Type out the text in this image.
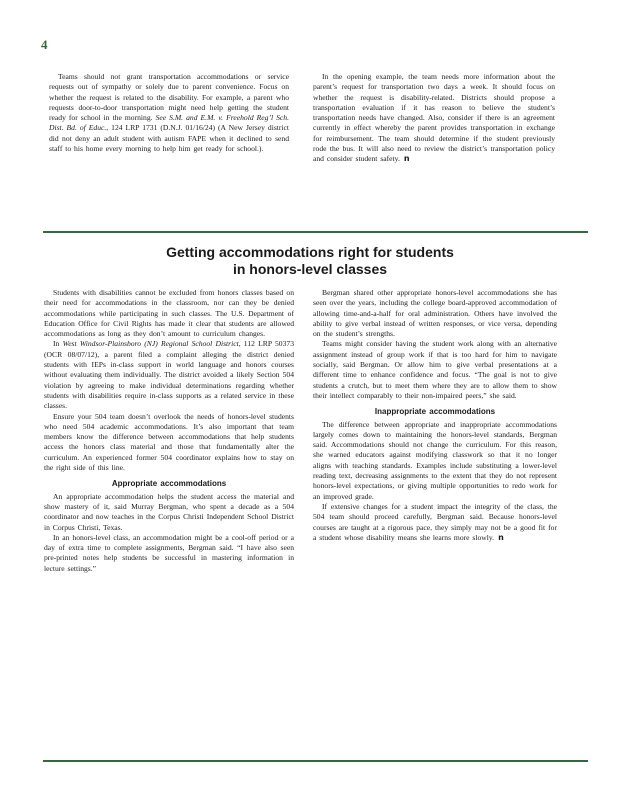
4

Teams should not grant transportation accommodations or service requests out of sympathy or solely due to parent convenience. Focus on whether the request is related to the disability. For example, a parent who requests door-to-door transportation might need help getting the student ready for school in the morning. See S.M. and E.M. v. Freehold Reg’l Sch. Dist. Bd. of Educ., 124 LRP 1731 (D.N.J. 01/16/24) (A New Jersey district did not deny an adult student with autism FAPE when it declined to send staff to his home every morning to help him get ready for school.).

In the opening example, the team needs more information about the parent’s request for transportation two days a week. It should focus on whether the request is disability-related. Districts should propose a transportation evaluation if it has reason to believe the student’s transportation needs have changed. Also, consider if there is an agreement currently in effect whereby the parent provides transportation in exchange for reimbursement. The team should determine if the student previously rode the bus. It will also need to review the district’s transportation policy and consider student safety. n

Getting accommodations right for students
in honors-level classes

Students with disabilities cannot be excluded from honors classes based on their need for accommodations in the classroom, nor can they be denied accommodations while participating in such classes. The U.S. Department of Education Office for Civil Rights has made it clear that students are allowed accommodations as long as they don’t amount to curriculum changes.

In West Windsor-Plainsboro (NJ) Regional School District, 112 LRP 50373 (OCR 08/07/12), a parent filed a complaint alleging the district denied students with IEPs in-class support in world language and honors courses without evaluating them individually. The district avoided a likely Section 504 violation by agreeing to make individual determinations regarding whether students with disabilities require in-class supports as a related service in these classes.

Ensure your 504 team doesn’t overlook the needs of honors-level students who need 504 academic accommodations. It’s also important that team members know the difference between accommodations that help students access the honors class material and those that fundamentally alter the curriculum. An experienced former 504 coordinator explains how to stay on the right side of this line.

Appropriate accommodations

An appropriate accommodation helps the student access the material and show mastery of it, said Murray Bergman, who spent a decade as a 504 coordinator and now teaches in the Corpus Christi Independent School District in Corpus Christi, Texas.

In an honors-level class, an accommodation might be a cool-off period or a day of extra time to complete assignments, Bergman said. “I have also seen pre-printed notes help students be successful in mastering information in lecture settings.”

Bergman shared other appropriate honors-level accommodations she has seen over the years, including the college board-approved accommodation of allowing time-and-a-half for oral administration. Others have involved the ability to give verbal instead of written responses, or vice versa, depending on the student’s strengths.

Teams might consider having the student work along with an alternative assignment instead of group work if that is too hard for him to navigate socially, said Bergman. Or allow him to give verbal presentations at a different time to enhance confidence and focus. “The goal is not to give students a crutch, but to meet them where they are to allow them to show their intellect comparably to their non-impaired peers,” she said.

Inappropriate accommodations

The difference between appropriate and inappropriate accommodations largely comes down to maintaining the honors-level standards, Bergman said. Accommodations should not change the curriculum. For this reason, she warned educators against modifying classwork so that it no longer aligns with teaching standards. Examples include substituting a lower-level reading text, decreasing assignments to the extent that they do not represent honors-level expectations, or giving multiple opportunities to redo work for an improved grade.

If extensive changes for a student impact the integrity of the class, the 504 team should proceed carefully, Bergman said. Because honors-level courses are taught at a rigorous pace, they simply may not be a good fit for a student whose disability means she learns more slowly. n
